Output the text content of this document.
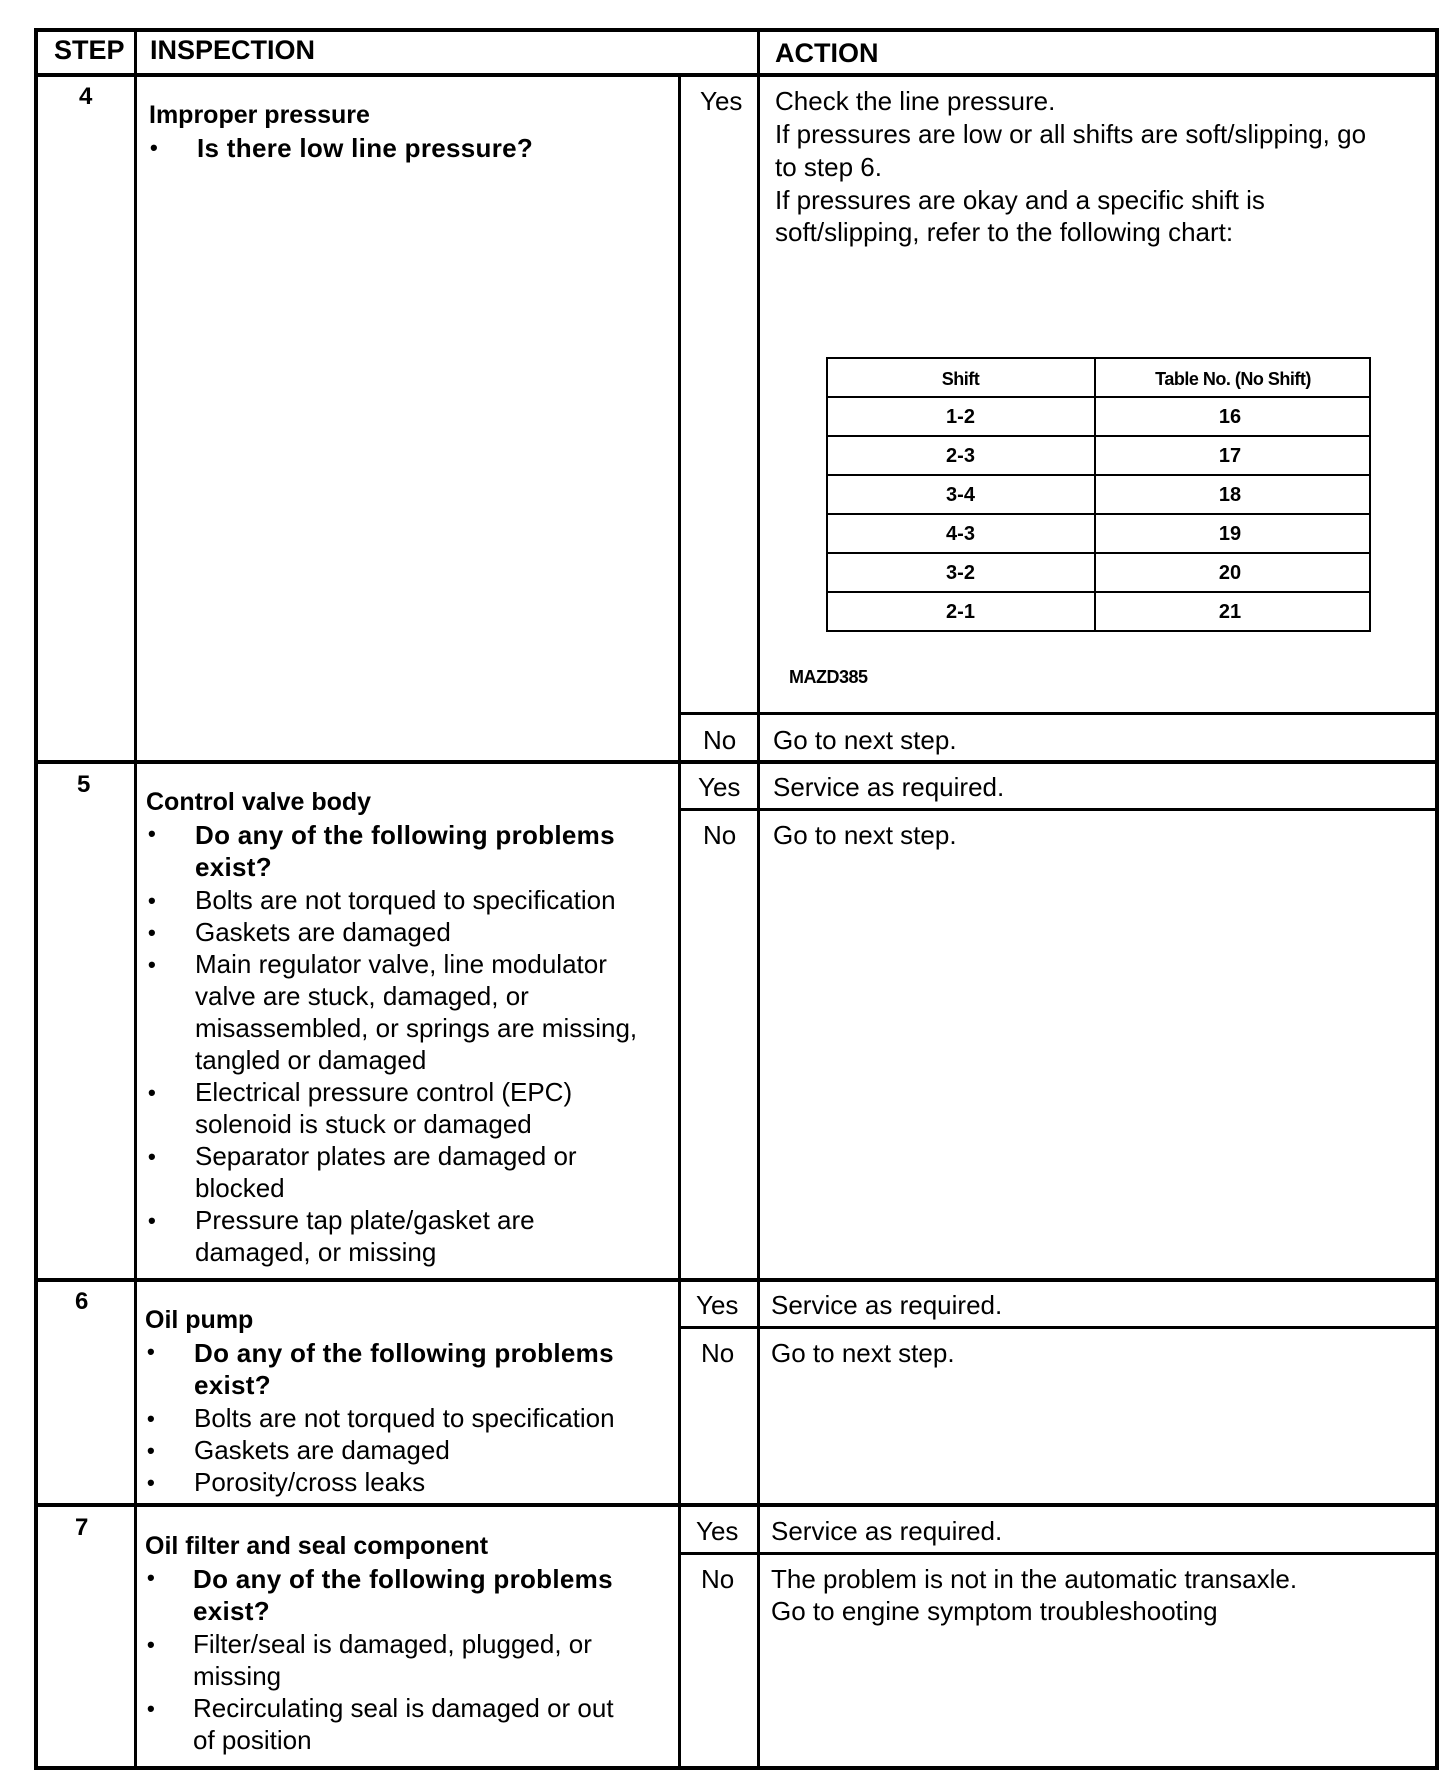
STEP INSPECTION	ACTION
4
Improper pressure
• Is there low line pressure?
Yes Check the line pressure.
If pressures are low or all shifts are soft/slipping, go
to step 6.
If pressures are okay and a specific shift is
soft/slipping, refer to the following chart:
Shift	Table No. (No Shift)
1-2	16
2-3	17
3-4	18
4-3	19
3-2	20
2-1	21
MAZD385
No Go to next step.
5
Control valve body
• Do any of the following problems
exist?
• Bolts are not torqued to specification
• Gaskets are damaged
• Main regulator valve, line modulator
valve are stuck, damaged, or
misassembled, or springs are missing,
tangled or damaged
• Electrical pressure control (EPC)
solenoid is stuck or damaged
• Separator plates are damaged or
blocked
• Pressure tap plate/gasket are
damaged, or missing
Yes Service as required.
No Go to next step.
6
Oil pump
• Do any of the following problems
exist?
• Bolts are not torqued to specification
• Gaskets are damaged
• Porosity/cross leaks
Yes Service as required.
No Go to next step.
7
Oil filter and seal component
• Do any of the following problems
exist?
• Filter/seal is damaged, plugged, or
missing
• Recirculating seal is damaged or out
of position
Yes Service as required.
No The problem is not in the automatic transaxle.
Go to engine symptom troubleshooting
